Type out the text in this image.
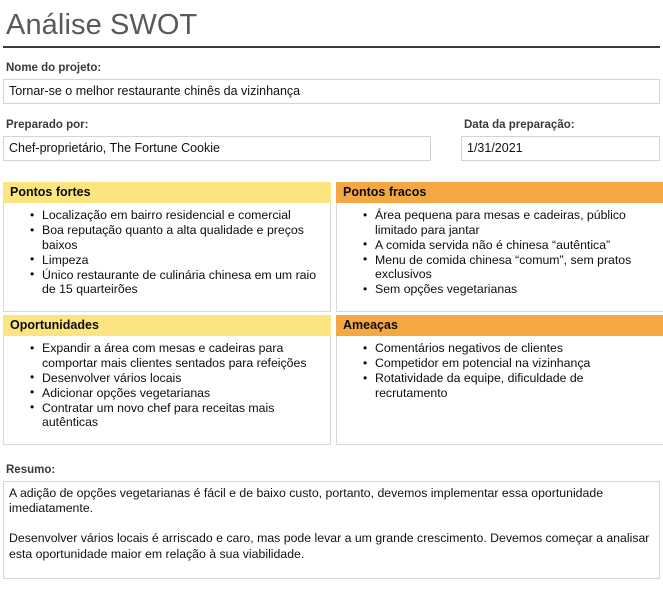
Análise SWOT
Nome do projeto:
Tornar-se o melhor restaurante chinês da vizinhança
Preparado por:
Chef-proprietário, The Fortune Cookie
Data da preparação:
1/31/2021
Pontos fortes
• Localização em bairro residencial e comercial
• Boa reputação quanto a alta qualidade e preços baixos
• Limpeza
• Único restaurante de culinária chinesa em um raio de 15 quarteirões
Pontos fracos
• Área pequena para mesas e cadeiras, público limitado para jantar
• A comida servida não é chinesa “autêntica”
• Menu de comida chinesa “comum”, sem pratos exclusivos
• Sem opções vegetarianas
Oportunidades
• Expandir a área com mesas e cadeiras para comportar mais clientes sentados para refeições
• Desenvolver vários locais
• Adicionar opções vegetarianas
• Contratar um novo chef para receitas mais autênticas
Ameaças
• Comentários negativos de clientes
• Competidor em potencial na vizinhança
• Rotatividade da equipe, dificuldade de recrutamento
Resumo:

A adição de opções vegetarianas é fácil e de baixo custo, portanto, devemos implementar essa oportunidade imediatamente.

Desenvolver vários locais é arriscado e caro, mas pode levar a um grande crescimento. Devemos começar a analisar esta oportunidade maior em relação à sua viabilidade.
